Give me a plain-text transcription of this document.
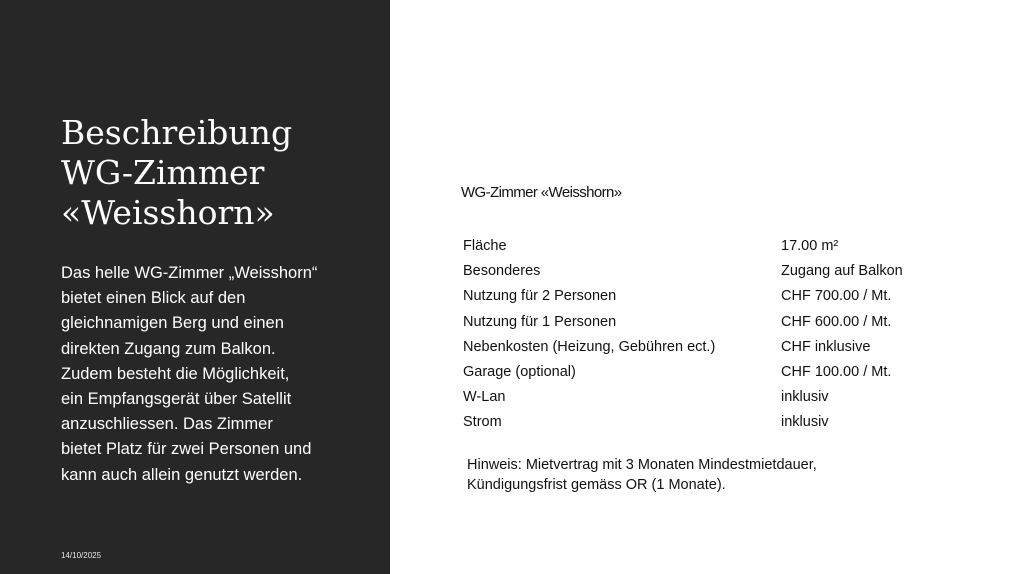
Beschreibung
WG-Zimmer
«Weisshorn»

Das helle WG-Zimmer „Weisshorn“
bietet einen Blick auf den
gleichnamigen Berg und einen
direkten Zugang zum Balkon.
Zudem besteht die Möglichkeit,
ein Empfangsgerät über Satellit
anzuschliessen. Das Zimmer
bietet Platz für zwei Personen und
kann auch allein genutzt werden.

14/10/2025
WG-Zimmer «Weisshorn»
Fläche	17.00 m²
Besonderes	Zugang auf Balkon
Nutzung für 2 Personen	CHF 700.00 / Mt.
Nutzung für 1 Personen	CHF 600.00 / Mt.
Nebenkosten (Heizung, Gebühren ect.)	CHF inklusive
Garage (optional)	CHF 100.00 / Mt.
W-Lan	inklusiv
Strom	inklusiv

Hinweis: Mietvertrag mit 3 Monaten Mindestmietdauer,
Kündigungsfrist gemäss OR (1 Monate).
